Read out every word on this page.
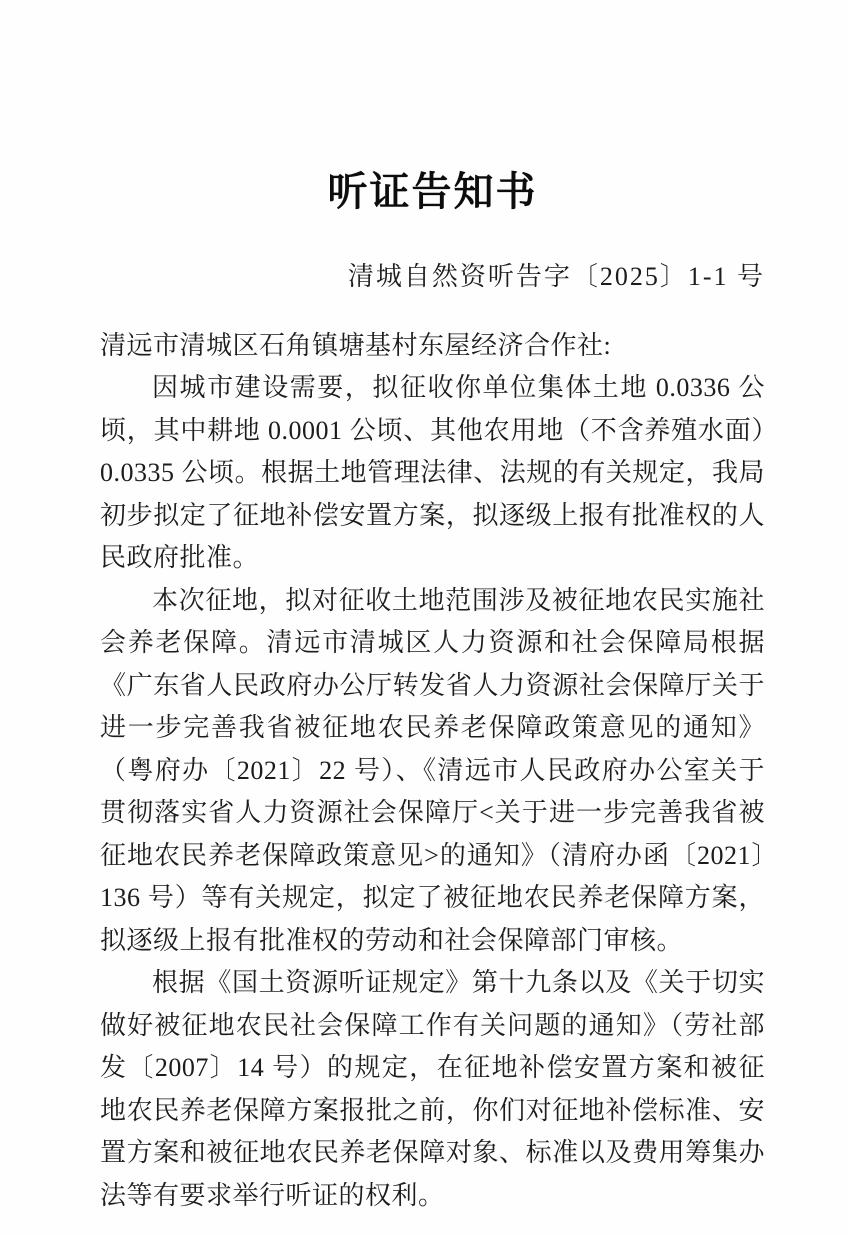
听证告知书
清城自然资听告字〔2025〕1-1 号
清远市清城区石角镇塘基村东屋经济合作社:

因城市建设需要，拟征收你单位集体土地 0.0336 公顷，其中耕地 0.0001 公顷、其他农用地（不含养殖水面）0.0335 公顷。根据土地管理法律、法规的有关规定，我局初步拟定了征地补偿安置方案，拟逐级上报有批准权的人民政府批准。

本次征地，拟对征收土地范围涉及被征地农民实施社会养老保障。清远市清城区人力资源和社会保障局根据《广东省人民政府办公厅转发省人力资源社会保障厅关于进一步完善我省被征地农民养老保障政策意见的通知》（粤府办〔2021〕22 号）、《清远市人民政府办公室关于贯彻落实省人力资源社会保障厅<关于进一步完善我省被征地农民养老保障政策意见>的通知》（清府办函〔2021〕136 号）等有关规定，拟定了被征地农民养老保障方案，拟逐级上报有批准权的劳动和社会保障部门审核。

根据《国土资源听证规定》第十九条以及《关于切实做好被征地农民社会保障工作有关问题的通知》（劳社部发〔2007〕14 号）的规定，在征地补偿安置方案和被征地农民养老保障方案报批之前，你们对征地补偿标准、安置方案和被征地农民养老保障对象、标准以及费用筹集办法等有要求举行听证的权利。
